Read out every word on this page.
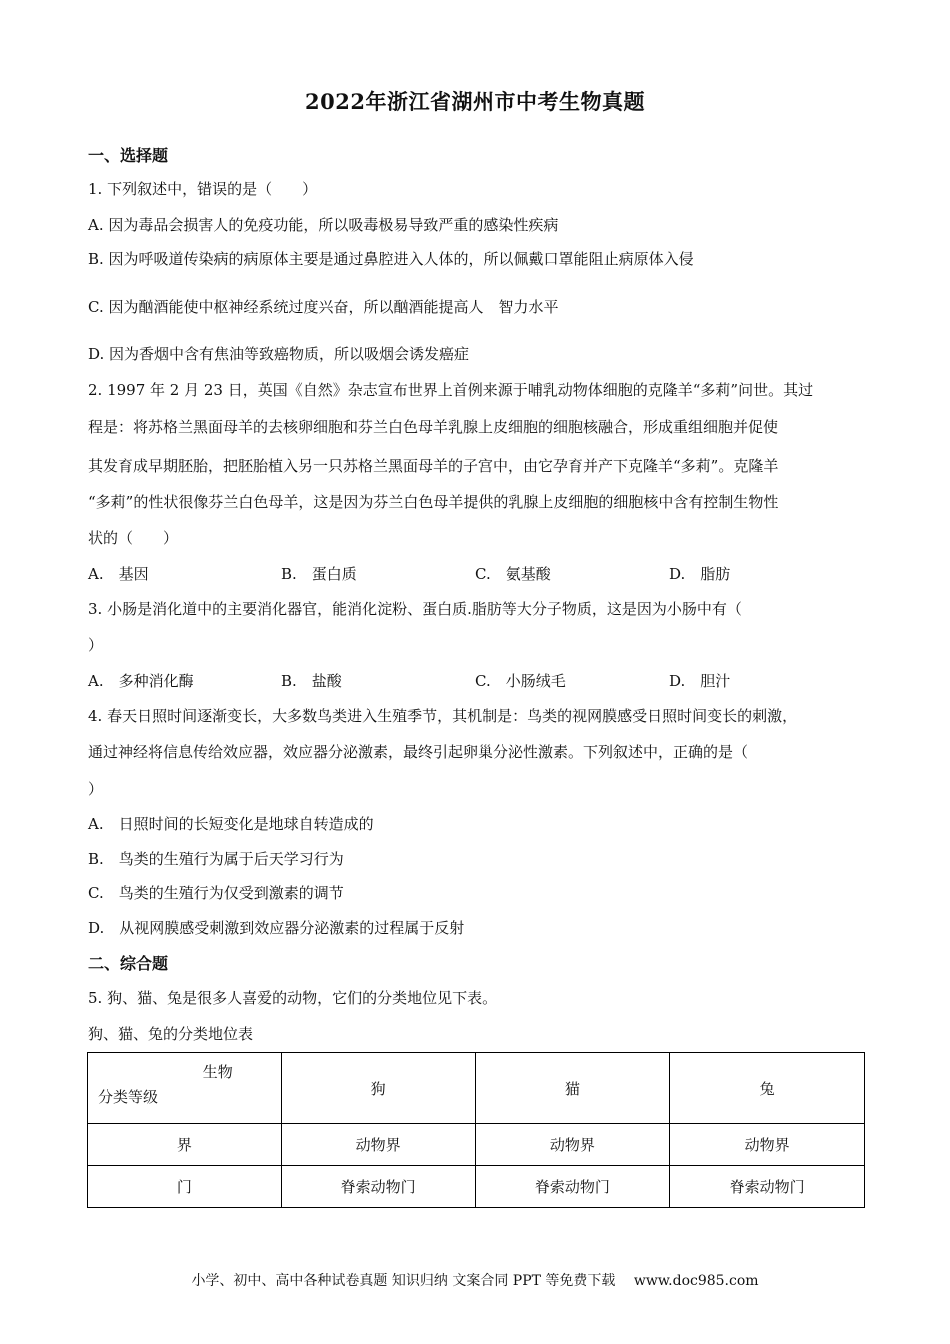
2022年浙江省湖州市中考生物真题
一、选择题
1. 下列叙述中，错误的是（　　）
A. 因为毒品会损害人的免疫功能，所以吸毒极易导致严重的感染性疾病
B. 因为呼吸道传染病的病原体主要是通过鼻腔进入人体的，所以佩戴口罩能阻止病原体入侵
C. 因为酗酒能使中枢神经系统过度兴奋，所以酗酒能提高人　智力水平
D. 因为香烟中含有焦油等致癌物质，所以吸烟会诱发癌症
2. 1997 年 2 月 23 日，英国《自然》杂志宣布世界上首例来源于哺乳动物体细胞的克隆羊“多莉”问世。其过
程是：将苏格兰黑面母羊的去核卵细胞和芬兰白色母羊乳腺上皮细胞的细胞核融合，形成重组细胞并促使
其发育成早期胚胎，把胚胎植入另一只苏格兰黑面母羊的子宫中，由它孕育并产下克隆羊“多莉”。克隆羊
“多莉”的性状很像芬兰白色母羊，这是因为芬兰白色母羊提供的乳腺上皮细胞的细胞核中含有控制生物性
状的（　　）
A.　基因	B.　蛋白质	C.　氨基酸	D.　脂肪
3. 小肠是消化道中的主要消化器官，能消化淀粉、蛋白质.脂肪等大分子物质，这是因为小肠中有（
）
A.　多种消化酶	B.　盐酸	C.　小肠绒毛	D.　胆汁
4. 春天日照时间逐渐变长，大多数鸟类进入生殖季节，其机制是：鸟类的视网膜感受日照时间变长的刺激，
通过神经将信息传给效应器，效应器分泌激素，最终引起卵巢分泌性激素。下列叙述中，正确的是（
）
A.　日照时间的长短变化是地球自转造成的
B.　鸟类的生殖行为属于后天学习行为
C.　鸟类的生殖行为仅受到激素的调节
D.　从视网膜感受刺激到效应器分泌激素的过程属于反射
二、综合题
5. 狗、猫、兔是很多人喜爱的动物，它们的分类地位见下表。
狗、猫、兔的分类地位表
生物
分类等级	狗	猫	兔
界	动物界	动物界	动物界
门	脊索动物门	脊索动物门	脊索动物门
小学、初中、高中各种试卷真题 知识归纳 文案合同 PPT 等免费下载　 www.doc985.com
